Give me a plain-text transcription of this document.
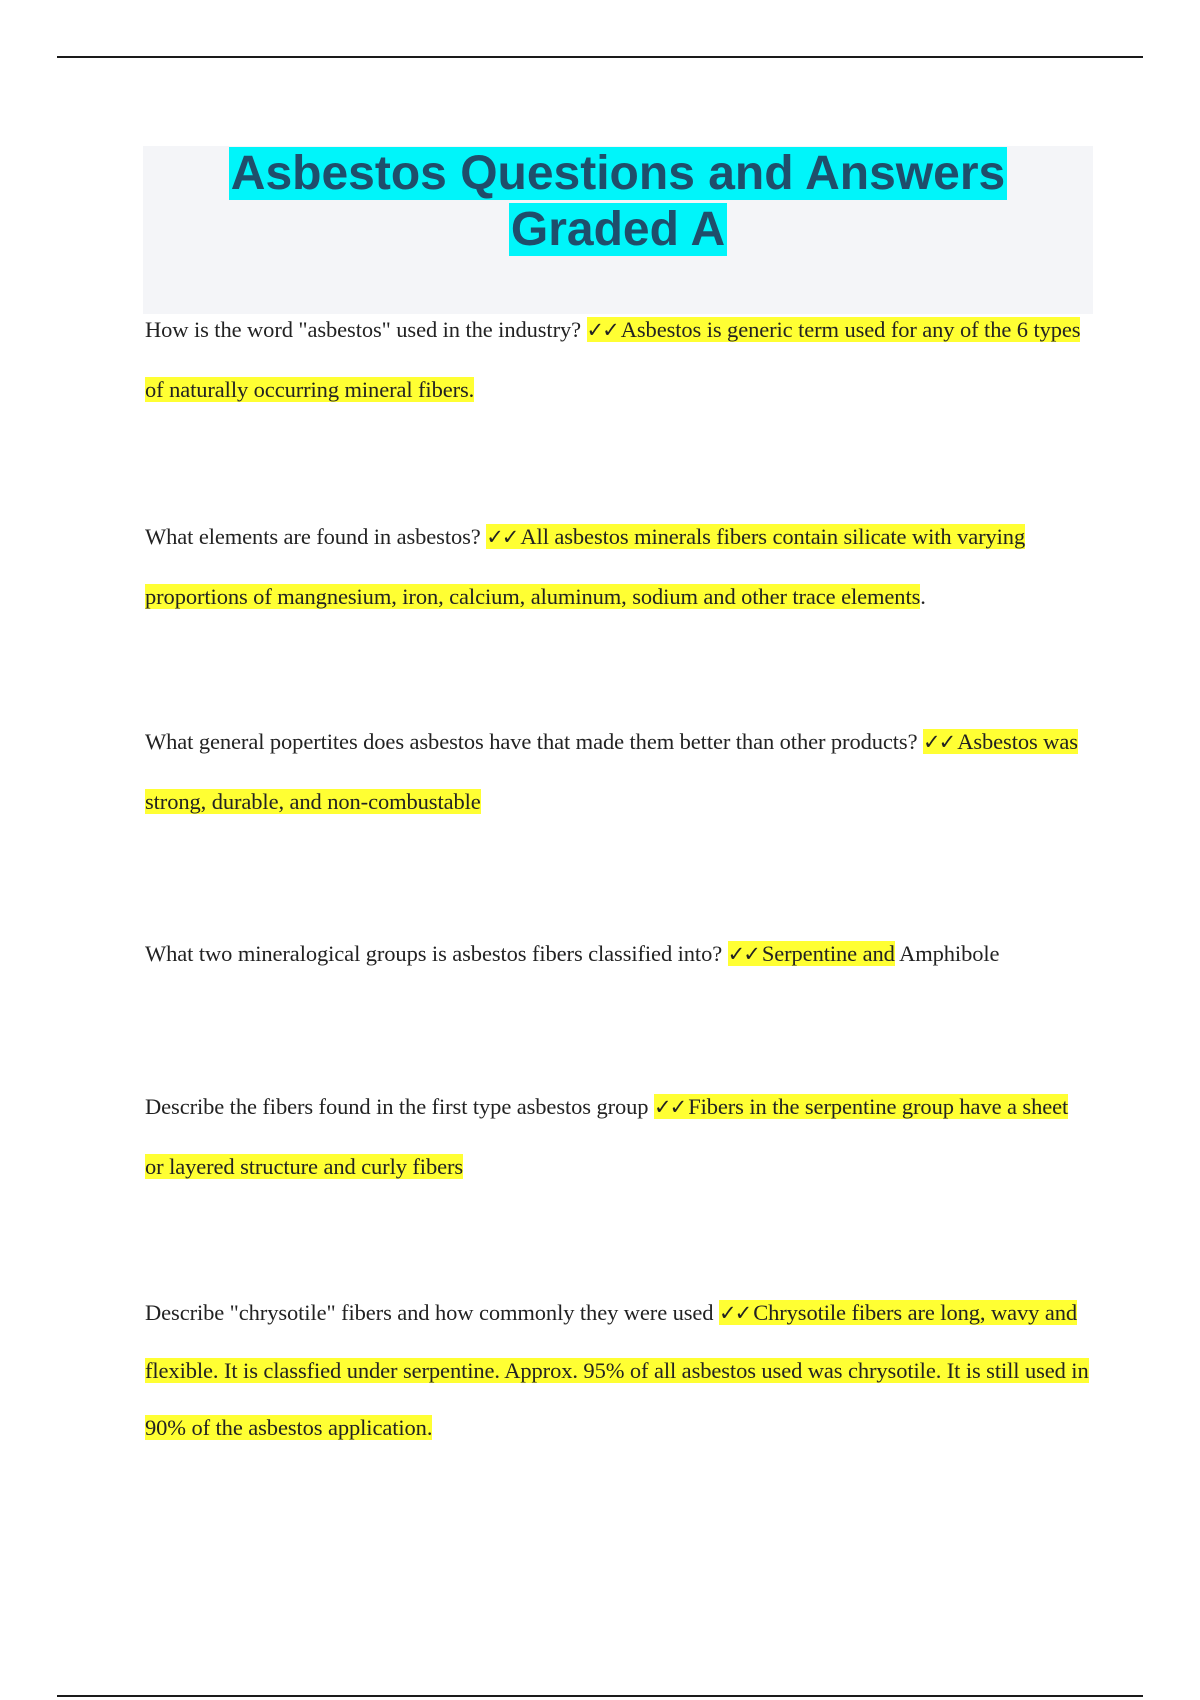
Asbestos Questions and Answers
Graded A
How is the word "asbestos" used in the industry? ✓✓ Asbestos is generic term used for any of the 6 types of naturally occurring mineral fibers.
What elements are found in asbestos? ✓✓ All asbestos minerals fibers contain silicate with varying proportions of mangnesium, iron, calcium, aluminum, sodium and other trace elements.
What general popertites does asbestos have that made them better than other products? ✓✓ Asbestos was strong, durable, and non-combustable
What two mineralogical groups is asbestos fibers classified into? ✓✓ Serpentine and Amphibole
Describe the fibers found in the first type asbestos group ✓✓ Fibers in the serpentine group have a sheet or layered structure and curly fibers
Describe "chrysotile" fibers and how commonly they were used ✓✓ Chrysotile fibers are long, wavy and flexible. It is classfied under serpentine. Approx. 95% of all asbestos used was chrysotile. It is still used in 90% of the asbestos application.
